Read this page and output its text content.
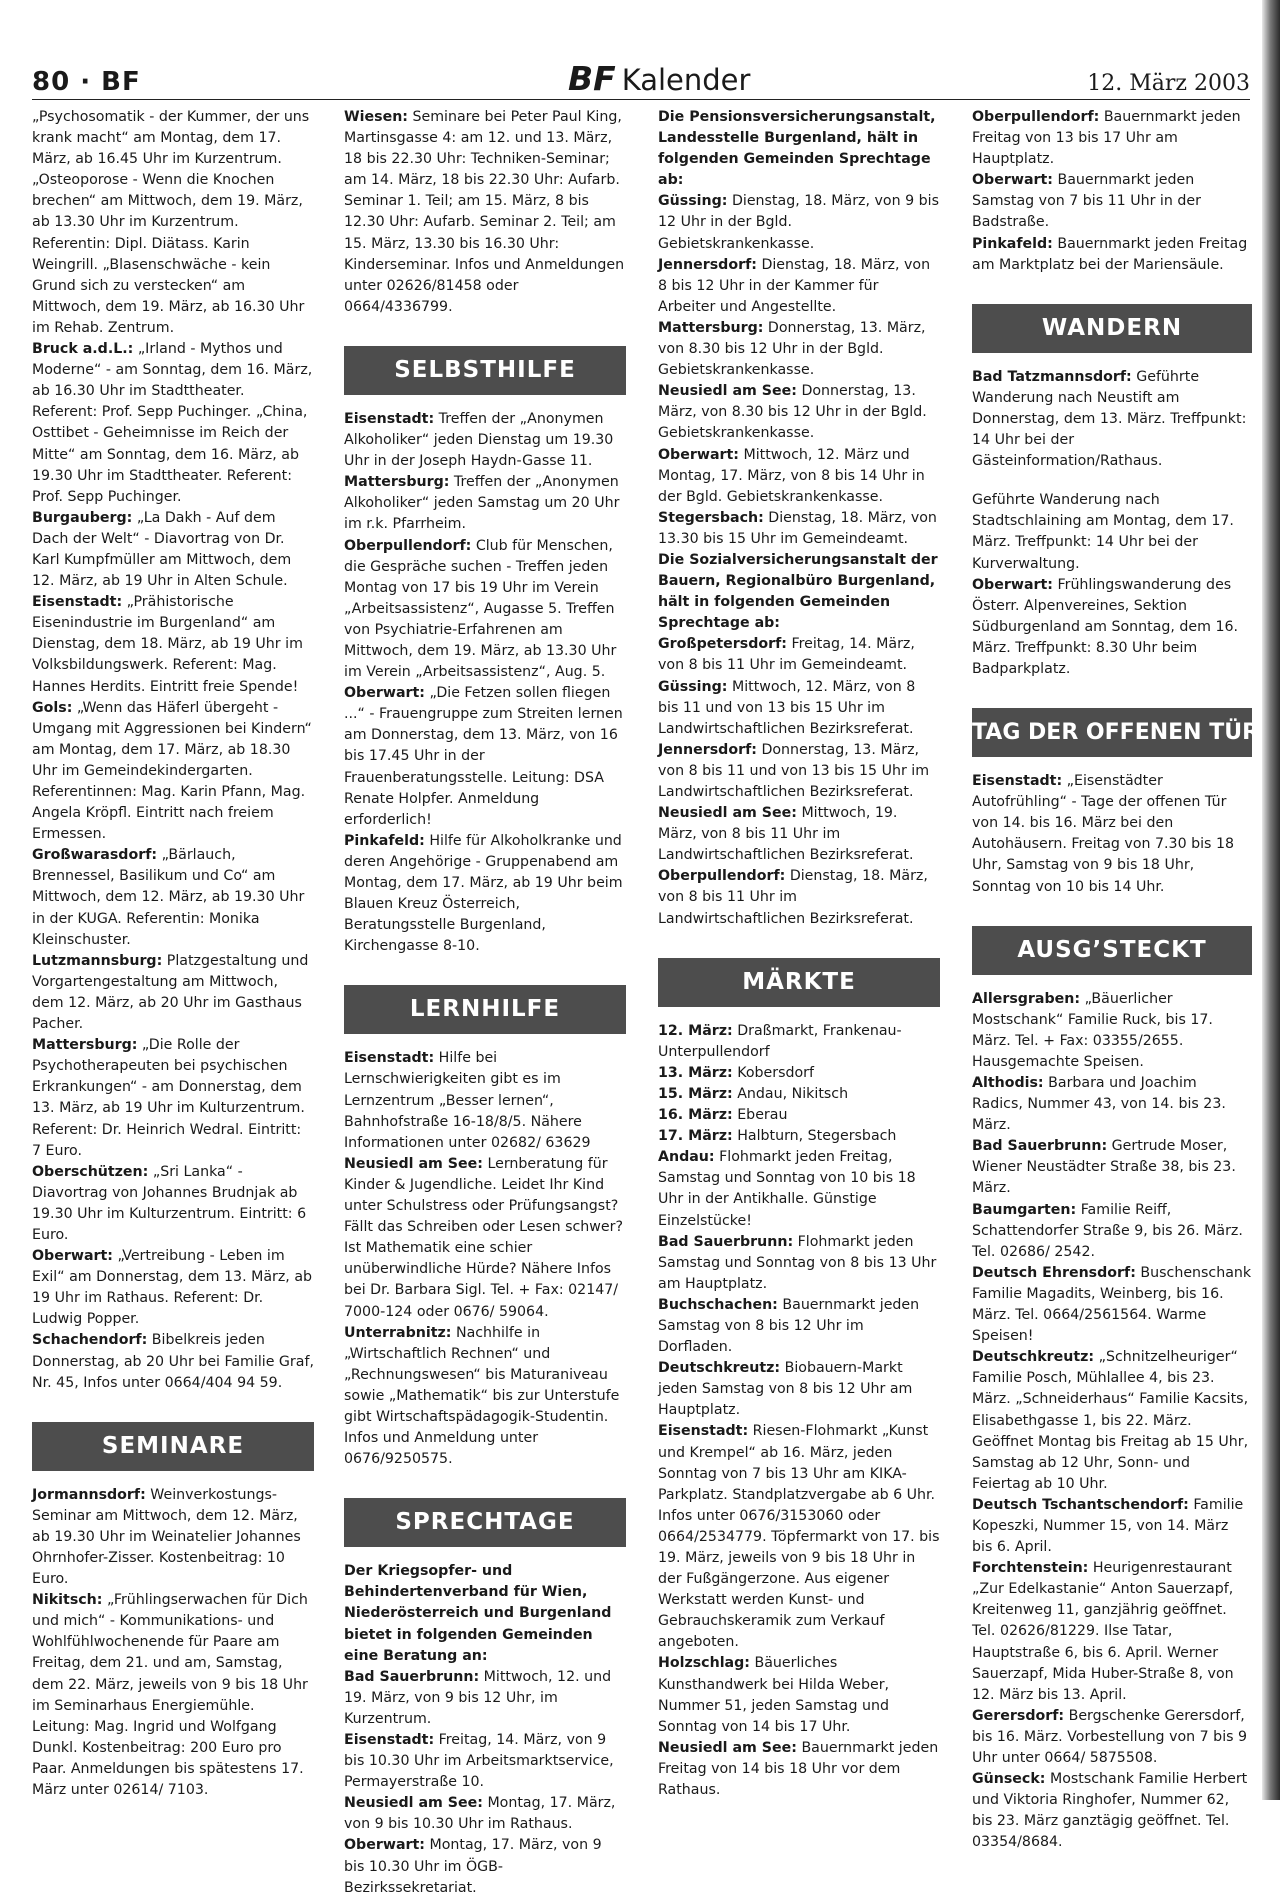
80 · BF	BF Kalender	12. März 2003

„Psychosomatik - der Kummer, der uns krank macht“ am Montag, dem 17. März, ab 16.45 Uhr im Kurzentrum. „Osteoporose - Wenn die Knochen brechen“ am Mittwoch, dem 19. März, ab 13.30 Uhr im Kurzentrum. Referentin: Dipl. Diätass. Karin Weingrill. „Blasenschwäche - kein Grund sich zu verstecken“ am Mittwoch, dem 19. März, ab 16.30 Uhr im Rehab. Zentrum.

Bruck a.d.L.: „Irland - Mythos und Moderne“ - am Sonntag, dem 16. März, ab 16.30 Uhr im Stadttheater. Referent: Prof. Sepp Puchinger. „China, Osttibet - Geheimnisse im Reich der Mitte“ am Sonntag, dem 16. März, ab 19.30 Uhr im Stadttheater. Referent: Prof. Sepp Puchinger.

Burgauberg: „La Dakh - Auf dem Dach der Welt“ - Diavortrag von Dr. Karl Kumpfmüller am Mittwoch, dem 12. März, ab 19 Uhr in Alten Schule.

Eisenstadt: „Prähistorische Eisenindustrie im Burgenland“ am Dienstag, dem 18. März, ab 19 Uhr im Volksbildungswerk. Referent: Mag. Hannes Herdits. Eintritt freie Spende!

Gols: „Wenn das Häferl übergeht - Umgang mit Aggressionen bei Kindern“ am Montag, dem 17. März, ab 18.30 Uhr im Gemeindekindergarten. Referentinnen: Mag. Karin Pfann, Mag. Angela Kröpfl. Eintritt nach freiem Ermessen.

Großwarasdorf: „Bärlauch, Brennessel, Basilikum und Co“ am Mittwoch, dem 12. März, ab 19.30 Uhr in der KUGA. Referentin: Monika Kleinschuster.

Lutzmannsburg: Platzgestaltung und Vorgartengestaltung am Mittwoch, dem 12. März, ab 20 Uhr im Gasthaus Pacher.

Mattersburg: „Die Rolle der Psychotherapeuten bei psychischen Erkrankungen“ - am Donnerstag, dem 13. März, ab 19 Uhr im Kulturzentrum. Referent: Dr. Heinrich Wedral. Eintritt: 7 Euro.

Oberschützen: „Sri Lanka“ - Diavortrag von Johannes Brudnjak ab 19.30 Uhr im Kulturzentrum. Eintritt: 6 Euro.

Oberwart: „Vertreibung - Leben im Exil“ am Donnerstag, dem 13. März, ab 19 Uhr im Rathaus. Referent: Dr. Ludwig Popper.

Schachendorf: Bibelkreis jeden Donnerstag, ab 20 Uhr bei Familie Graf, Nr. 45, Infos unter 0664/404 94 59.

SEMINARE

Jormannsdorf: Weinverkostungs-Seminar am Mittwoch, dem 12. März, ab 19.30 Uhr im Weinatelier Johannes Ohrnhofer-Zisser. Kostenbeitrag: 10 Euro.

Nikitsch: „Frühlingserwachen für Dich und mich“ - Kommunikations- und Wohlfühlwochenende für Paare am Freitag, dem 21. und am, Samstag, dem 22. März, jeweils von 9 bis 18 Uhr im Seminarhaus Energiemühle. Leitung: Mag. Ingrid und Wolfgang Dunkl. Kostenbeitrag: 200 Euro pro Paar. Anmeldungen bis spätestens 17. März unter 02614/ 7103.

Wiesen: Seminare bei Peter Paul King, Martinsgasse 4: am 12. und 13. März, 18 bis 22.30 Uhr: Techniken-Seminar; am 14. März, 18 bis 22.30 Uhr: Aufarb. Seminar 1. Teil; am 15. März, 8 bis 12.30 Uhr: Aufarb. Seminar 2. Teil; am 15. März, 13.30 bis 16.30 Uhr: Kinderseminar. Infos und Anmeldungen unter 02626/81458 oder 0664/4336799.

SELBSTHILFE

Eisenstadt: Treffen der „Anonymen Alkoholiker“ jeden Dienstag um 19.30 Uhr in der Joseph Haydn-Gasse 11.

Mattersburg: Treffen der „Anonymen Alkoholiker“ jeden Samstag um 20 Uhr im r.k. Pfarrheim.

Oberpullendorf: Club für Menschen, die Gespräche suchen - Treffen jeden Montag von 17 bis 19 Uhr im Verein „Arbeitsassistenz“, Augasse 5. Treffen von Psychiatrie-Erfahrenen am Mittwoch, dem 19. März, ab 13.30 Uhr im Verein „Arbeitsassistenz“, Aug. 5.

Oberwart: „Die Fetzen sollen fliegen ...“ - Frauengruppe zum Streiten lernen am Donnerstag, dem 13. März, von 16 bis 17.45 Uhr in der Frauenberatungsstelle. Leitung: DSA Renate Holpfer. Anmeldung erforderlich!

Pinkafeld: Hilfe für Alkoholkranke und deren Angehörige - Gruppenabend am Montag, dem 17. März, ab 19 Uhr beim Blauen Kreuz Österreich, Beratungsstelle Burgenland, Kirchengasse 8-10.

LERNHILFE

Eisenstadt: Hilfe bei Lernschwierigkeiten gibt es im Lernzentrum „Besser lernen“, Bahnhofstraße 16-18/8/5. Nähere Informationen unter 02682/ 63629

Neusiedl am See: Lernberatung für Kinder & Jugendliche. Leidet Ihr Kind unter Schulstress oder Prüfungsangst? Fällt das Schreiben oder Lesen schwer? Ist Mathematik eine schier unüberwindliche Hürde? Nähere Infos bei Dr. Barbara Sigl. Tel. + Fax: 02147/ 7000-124 oder 0676/ 59064.

Unterrabnitz: Nachhilfe in „Wirtschaftlich Rechnen“ und „Rechnungswesen“ bis Maturaniveau sowie „Mathematik“ bis zur Unterstufe gibt Wirtschaftspädagogik-Studentin. Infos und Anmeldung unter 0676/9250575.

SPRECHTAGE

Der Kriegsopfer- und Behindertenverband für Wien, Niederösterreich und Burgenland bietet in folgenden Gemeinden eine Beratung an:

Bad Sauerbrunn: Mittwoch, 12. und 19. März, von 9 bis 12 Uhr, im Kurzentrum.

Eisenstadt: Freitag, 14. März, von 9 bis 10.30 Uhr im Arbeitsmarktservice, Permayerstraße 10.

Neusiedl am See: Montag, 17. März, von 9 bis 10.30 Uhr im Rathaus.

Oberwart: Montag, 17. März, von 9 bis 10.30 Uhr im ÖGB-Bezirkssekretariat.

Die Pensionsversicherungsanstalt, Landesstelle Burgenland, hält in folgenden Gemeinden Sprechtage ab:

Güssing: Dienstag, 18. März, von 9 bis 12 Uhr in der Bgld. Gebietskrankenkasse.

Jennersdorf: Dienstag, 18. März, von 8 bis 12 Uhr in der Kammer für Arbeiter und Angestellte.

Mattersburg: Donnerstag, 13. März, von 8.30 bis 12 Uhr in der Bgld. Gebietskrankenkasse.

Neusiedl am See: Donnerstag, 13. März, von 8.30 bis 12 Uhr in der Bgld. Gebietskrankenkasse.

Oberwart: Mittwoch, 12. März und Montag, 17. März, von 8 bis 14 Uhr in der Bgld. Gebietskrankenkasse.

Stegersbach: Dienstag, 18. März, von 13.30 bis 15 Uhr im Gemeindeamt.

Die Sozialversicherungsanstalt der Bauern, Regionalbüro Burgenland, hält in folgenden Gemeinden Sprechtage ab:

Großpetersdorf: Freitag, 14. März, von 8 bis 11 Uhr im Gemeindeamt.

Güssing: Mittwoch, 12. März, von 8 bis 11 und von 13 bis 15 Uhr im Landwirtschaftlichen Bezirksreferat.

Jennersdorf: Donnerstag, 13. März, von 8 bis 11 und von 13 bis 15 Uhr im Landwirtschaftlichen Bezirksreferat.

Neusiedl am See: Mittwoch, 19. März, von 8 bis 11 Uhr im Landwirtschaftlichen Bezirksreferat.

Oberpullendorf: Dienstag, 18. März, von 8 bis 11 Uhr im Landwirtschaftlichen Bezirksreferat.

MÄRKTE

12. März: Draßmarkt, Frankenau-Unterpullendorf

13. März: Kobersdorf

15. März: Andau, Nikitsch

16. März: Eberau

17. März: Halbturn, Stegersbach

Andau: Flohmarkt jeden Freitag, Samstag und Sonntag von 10 bis 18 Uhr in der Antikhalle. Günstige Einzelstücke!

Bad Sauerbrunn: Flohmarkt jeden Samstag und Sonntag von 8 bis 13 Uhr am Hauptplatz.

Buchschachen: Bauernmarkt jeden Samstag von 8 bis 12 Uhr im Dorfladen.

Deutschkreutz: Biobauern-Markt jeden Samstag von 8 bis 12 Uhr am Hauptplatz.

Eisenstadt: Riesen-Flohmarkt „Kunst und Krempel“ ab 16. März, jeden Sonntag von 7 bis 13 Uhr am KIKA-Parkplatz. Standplatzvergabe ab 6 Uhr. Infos unter 0676/3153060 oder 0664/2534779. Töpfermarkt von 17. bis 19. März, jeweils von 9 bis 18 Uhr in der Fußgängerzone. Aus eigener Werkstatt werden Kunst- und Gebrauchskeramik zum Verkauf angeboten.

Holzschlag: Bäuerliches Kunsthandwerk bei Hilda Weber, Nummer 51, jeden Samstag und Sonntag von 14 bis 17 Uhr.

Neusiedl am See: Bauernmarkt jeden Freitag von 14 bis 18 Uhr vor dem Rathaus.

Oberpullendorf: Bauernmarkt jeden Freitag von 13 bis 17 Uhr am Hauptplatz.

Oberwart: Bauernmarkt jeden Samstag von 7 bis 11 Uhr in der Badstraße.

Pinkafeld: Bauernmarkt jeden Freitag am Marktplatz bei der Mariensäule.

WANDERN

Bad Tatzmannsdorf: Geführte Wanderung nach Neustift am Donnerstag, dem 13. März. Treffpunkt: 14 Uhr bei der Gästeinformation/Rathaus.

Geführte Wanderung nach Stadtschlaining am Montag, dem 17. März. Treffpunkt: 14 Uhr bei der Kurverwaltung.

Oberwart: Frühlingswanderung des Österr. Alpenvereines, Sektion Südburgenland am Sonntag, dem 16. März. Treffpunkt: 8.30 Uhr beim Badparkplatz.

TAG DER OFFENEN TÜR

Eisenstadt: „Eisenstädter Autofrühling“ - Tage der offenen Tür von 14. bis 16. März bei den Autohäusern. Freitag von 7.30 bis 18 Uhr, Samstag von 9 bis 18 Uhr, Sonntag von 10 bis 14 Uhr.

AUSG’STECKT

Allersgraben: „Bäuerlicher Mostschank“ Familie Ruck, bis 17. März. Tel. + Fax: 03355/2655. Hausgemachte Speisen.

Althodis: Barbara und Joachim Radics, Nummer 43, von 14. bis 23. März.

Bad Sauerbrunn: Gertrude Moser, Wiener Neustädter Straße 38, bis 23. März.

Baumgarten: Familie Reiff, Schattendorfer Straße 9, bis 26. März. Tel. 02686/ 2542.

Deutsch Ehrensdorf: Buschenschank Familie Magadits, Weinberg, bis 16. März. Tel. 0664/2561564. Warme Speisen!

Deutschkreutz: „Schnitzelheuriger“ Familie Posch, Mühlallee 4, bis 23. März. „Schneiderhaus“ Familie Kacsits, Elisabethgasse 1, bis 22. März. Geöffnet Montag bis Freitag ab 15 Uhr, Samstag ab 12 Uhr, Sonn- und Feiertag ab 10 Uhr.

Deutsch Tschantschendorf: Familie Kopeszki, Nummer 15, von 14. März bis 6. April.

Forchtenstein: Heurigenrestaurant „Zur Edelkastanie“ Anton Sauerzapf, Kreitenweg 11, ganzjährig geöffnet. Tel. 02626/81229. Ilse Tatar, Hauptstraße 6, bis 6. April. Werner Sauerzapf, Mida Huber-Straße 8, von 12. März bis 13. April.

Gerersdorf: Bergschenke Gerersdorf, bis 16. März. Vorbestellung von 7 bis 9 Uhr unter 0664/ 5875508.

Günseck: Mostschank Familie Herbert und Viktoria Ringhofer, Nummer 62, bis 23. März ganztägig geöffnet. Tel. 03354/8684.
